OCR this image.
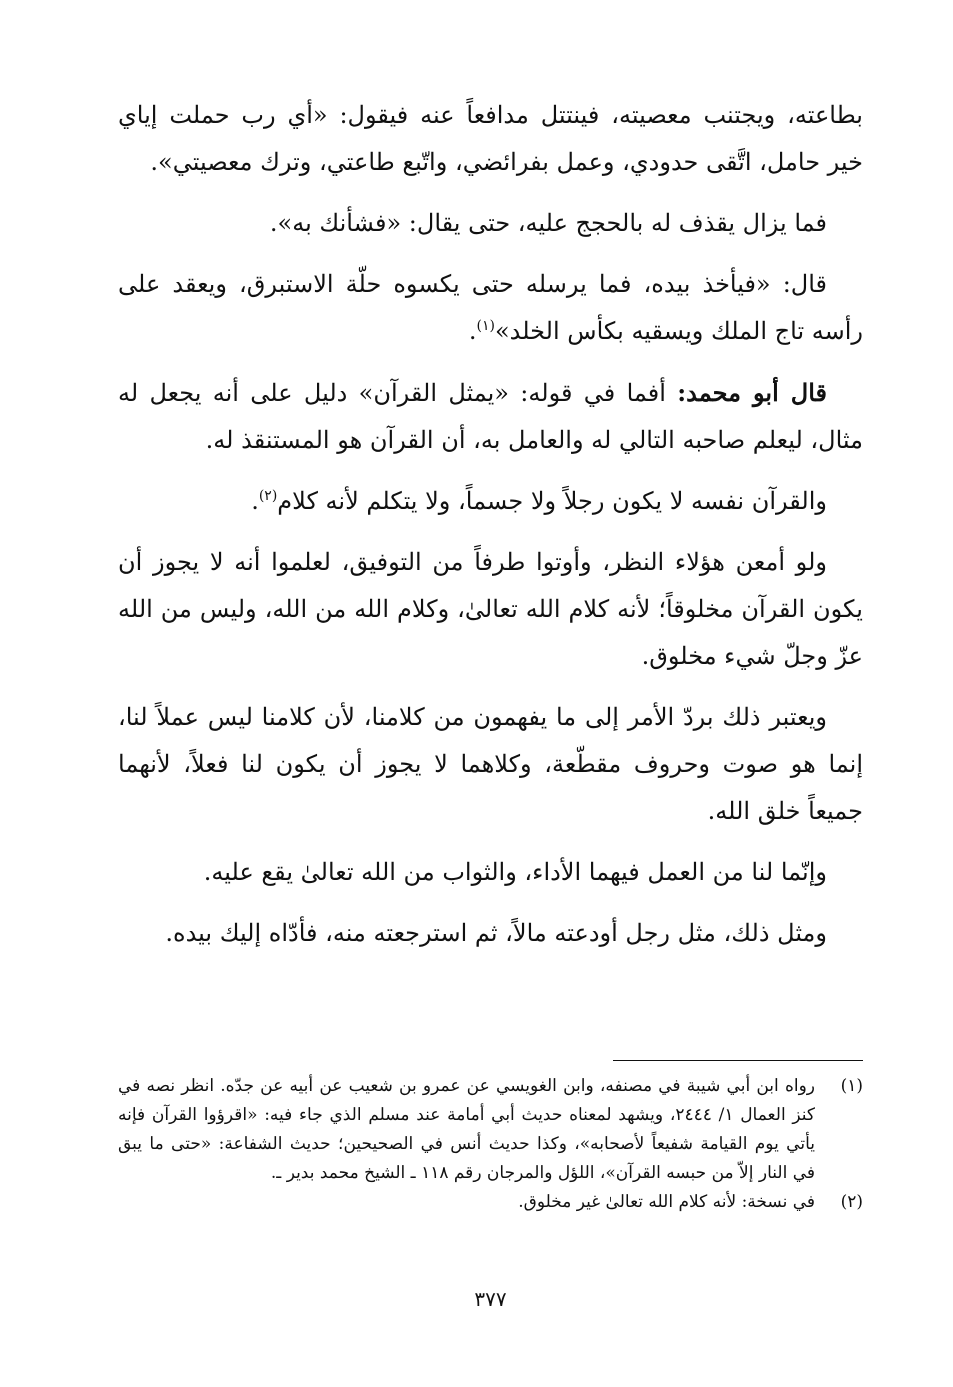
بطاعته، ويجتنب معصيته، فينتتل مدافعاً عنه فيقول: «أي رب حملت إياي خير حامل، اتَّقى حدودي، وعمل بفرائضي، واتّبع طاعتي، وترك معصيتي».

فما يزال يقذف له بالحجج عليه، حتى يقال: «فشأنك به».

قال: «فيأخذ بيده، فما يرسله حتى يكسوه حلّة الاستبرق، ويعقد على رأسه تاج الملك ويسقيه بكأس الخلد»$^{(١)}$.

قال أبو محمد: أفما في قوله: «يمثل القرآن» دليل على أنه يجعل له مثال، ليعلم صاحبه التالي له والعامل به، أن القرآن هو المستنقذ له.

والقرآن نفسه لا يكون رجلاً ولا جسماً، ولا يتكلم لأنه كلام$^{(٢)}$.

ولو أمعن هؤلاء النظر، وأوتوا طرفاً من التوفيق، لعلموا أنه لا يجوز أن يكون القرآن مخلوقاً؛ لأنه كلام الله تعالىٰ، وكلام الله من الله، وليس من الله عزّ وجلّ شيء مخلوق.

ويعتبر ذلك بردّ الأمر إلى ما يفهمون من كلامنا، لأن كلامنا ليس عملاً لنا، إنما هو صوت وحروف مقطّعة، وكلاهما لا يجوز أن يكون لنا فعلاً، لأنهما جميعاً خلق الله.

وإنّما لنا من العمل فيهما الأداء، والثواب من الله تعالىٰ يقع عليه.

ومثل ذلك، مثل رجل أودعته مالاً، ثم استرجعته منه، فأدّاه إليك بيده.

(١)
رواه ابن أبي شيبة في مصنفه، وابن الغويسي عن عمرو بن شعيب عن أبيه عن جدّه. انظر نصه في كنز العمال ١/ ٢٤٤٤، ويشهد لمعناه حديث أبي أمامة عند مسلم الذي جاء فيه: «اقرؤوا القرآن فإنه يأتي يوم القيامة شفيعاً لأصحابه»، وكذا حديث أنس في الصحيحين؛ حديث الشفاعة: «حتى ما يبق في النار إلاّ من حبسه القرآن»، اللؤل والمرجان رقم ١١٨ ـ الشيخ محمد بدير ـ.

(٢)
في نسخة: لأنه كلام الله تعالىٰ غير مخلوق.

٣٧٧
